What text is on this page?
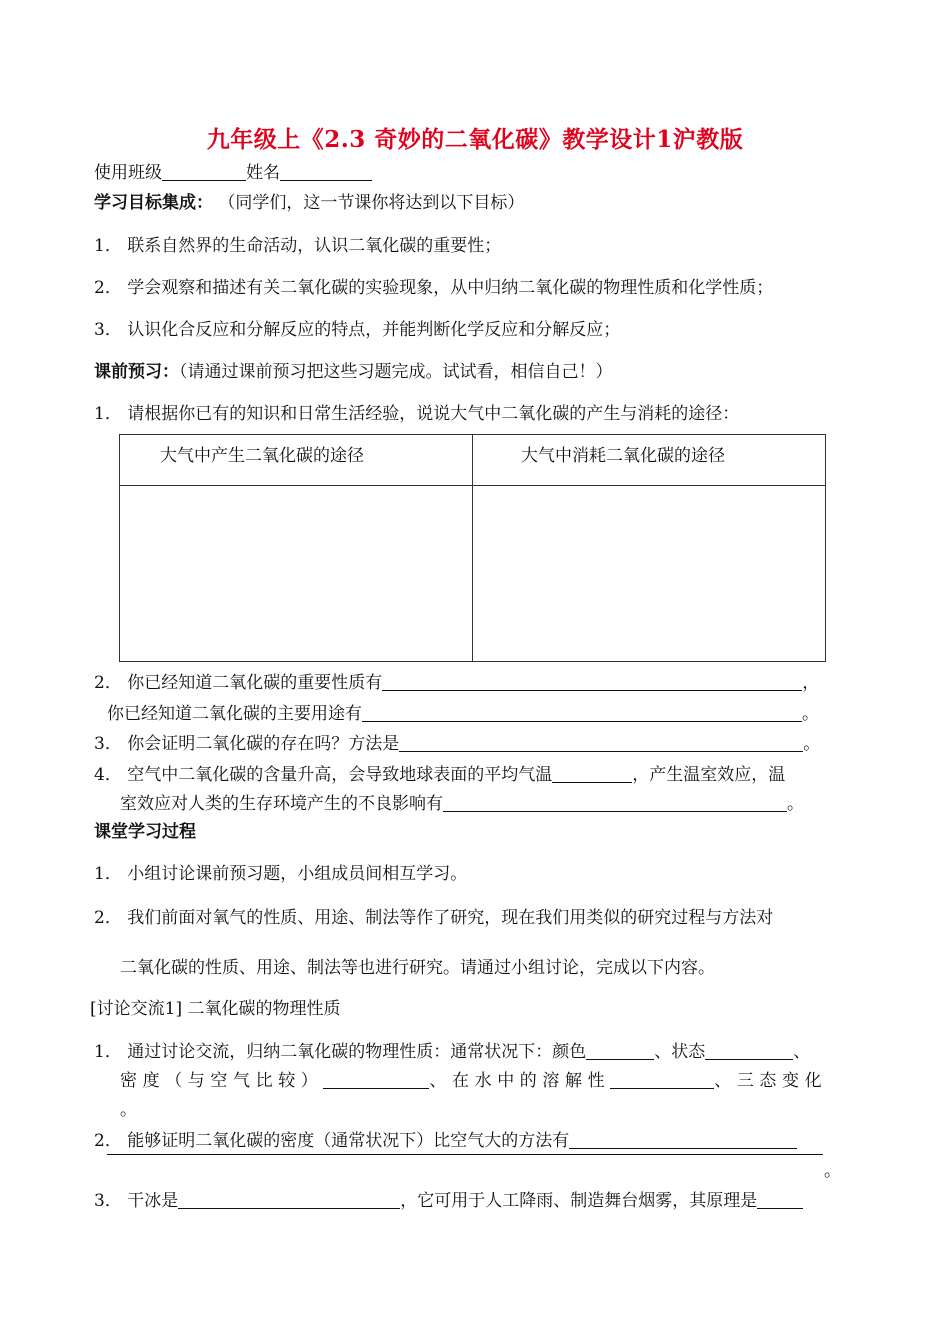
九年级上《2.3 奇妙的二氧化碳》教学设计1沪教版
使用班级	姓名
学习目标集成： （同学们，这一节课你将达到以下目标）
1． 联系自然界的生命活动，认识二氧化碳的重要性；
2． 学会观察和描述有关二氧化碳的实验现象，从中归纳二氧化碳的物理性质和化学性质；
3． 认识化合反应和分解反应的特点，并能判断化学反应和分解反应；
课前预习：（请通过课前预习把这些习题完成。试试看，相信自己！）
1． 请根据你已有的知识和日常生活经验，说说大气中二氧化碳的产生与消耗的途径：
大气中产生二氧化碳的途径	大气中消耗二氧化碳的途径

2． 你已经知道二氧化碳的重要性质有	，
你已经知道二氧化碳的主要用途有	。
3． 你会证明二氧化碳的存在吗？方法是	。
4． 空气中二氧化碳的含量升高，会导致地球表面的平均气温	，产生温室效应，温
室效应对人类的生存环境产生的不良影响有	。
课堂学习过程
1． 小组讨论课前预习题，小组成员间相互学习。
2． 我们前面对氧气的性质、用途、制法等作了研究，现在我们用类似的研究过程与方法对
二氧化碳的性质、用途、制法等也进行研究。请通过小组讨论，完成以下内容。
[讨论交流1] 二氧化碳的物理性质
1． 通过讨论交流，归纳二氧化碳的物理性质：通常状况下：颜色	、状态	、
密度（与空气比较）	、在水中的溶解性	、三态变化
。
2． 能够证明二氧化碳的密度（通常状况下）比空气大的方法有
。
3． 干冰是	，它可用于人工降雨、制造舞台烟雾，其原理是
